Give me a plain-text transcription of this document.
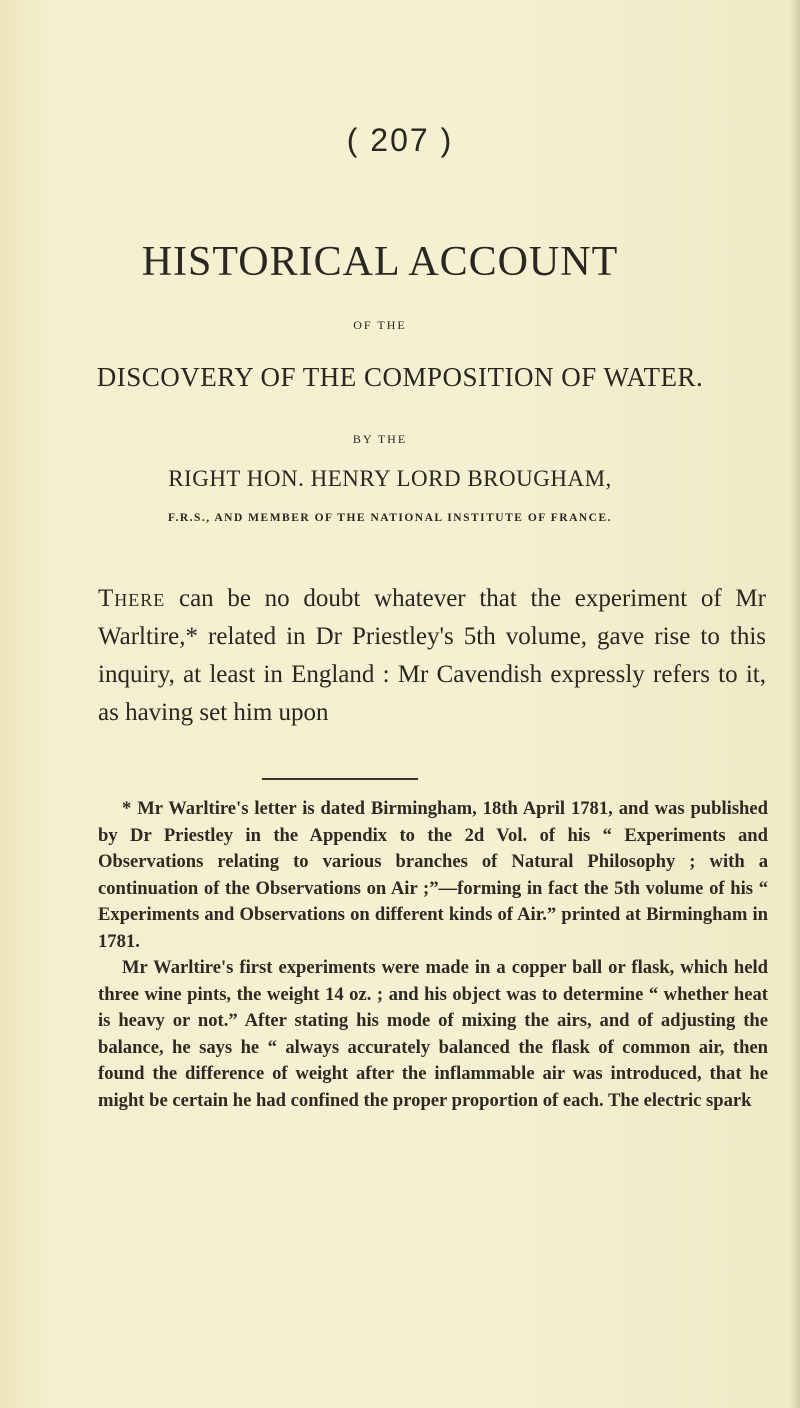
( 207 )
HISTORICAL ACCOUNT
OF THE
DISCOVERY OF THE COMPOSITION OF WATER.
BY THE
RIGHT HON. HENRY LORD BROUGHAM,
F.R.S., AND MEMBER OF THE NATIONAL INSTITUTE OF FRANCE.
There can be no doubt whatever that the experiment of Mr Warltire,* related in Dr Priestley's 5th volume, gave rise to this inquiry, at least in England : Mr Cavendish expressly refers to it, as having set him upon

* Mr Warltire's letter is dated Birmingham, 18th April 1781, and was published by Dr Priestley in the Appendix to the 2d Vol. of his “ Experiments and Observations relating to various branches of Natural Philosophy ; with a continuation of the Observations on Air ;”—forming in fact the 5th volume of his “ Experiments and Observations on different kinds of Air.” printed at Birmingham in 1781.

Mr Warltire's first experiments were made in a copper ball or flask, which held three wine pints, the weight 14 oz. ; and his object was to determine “ whether heat is heavy or not.” After stating his mode of mixing the airs, and of adjusting the balance, he says he “ always accurately balanced the flask of common air, then found the difference of weight after the inflammable air was introduced, that he might be certain he had confined the proper proportion of each. The electric spark
